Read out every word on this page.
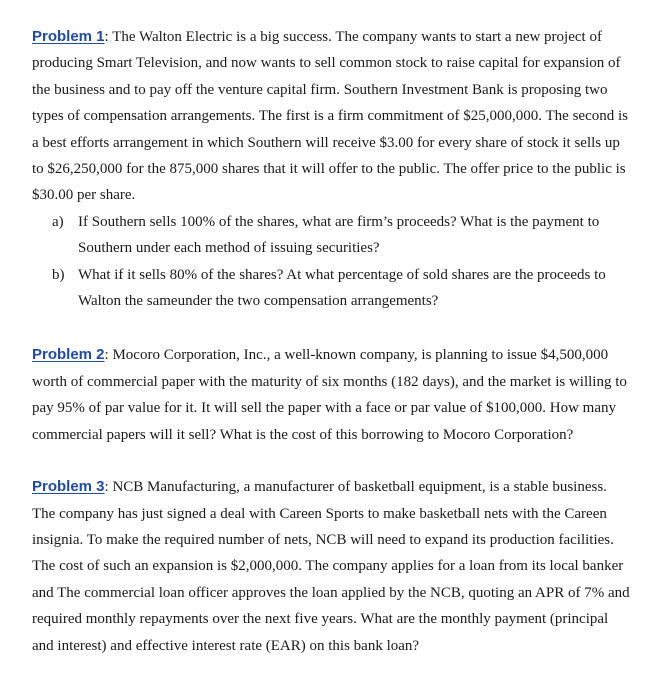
Problem 1: The Walton Electric is a big success. The company wants to start a new project of producing Smart Television, and now wants to sell common stock to raise capital for expansion of the business and to pay off the venture capital firm. Southern Investment Bank is proposing two types of compensation arrangements. The first is a firm commitment of $25,000,000. The second is a best efforts arrangement in which Southern will receive $3.00 for every share of stock it sells up to $26,250,000 for the 875,000 shares that it will offer to the public. The offer price to the public is $30.00 per share.

a) If Southern sells 100% of the shares, what are firm’s proceeds? What is the payment to Southern under each method of issuing securities?
b) What if it sells 80% of the shares? At what percentage of sold shares are the proceeds to Walton the sameunder the two compensation arrangements?

Problem 2: Mocoro Corporation, Inc., a well-known company, is planning to issue $4,500,000 worth of commercial paper with the maturity of six months (182 days), and the market is willing to pay 95% of par value for it. It will sell the paper with a face or par value of $100,000. How many commercial papers will it sell? What is the cost of this borrowing to Mocoro Corporation?

Problem 3: NCB Manufacturing, a manufacturer of basketball equipment, is a stable business. The company has just signed a deal with Careen Sports to make basketball nets with the Careen insignia. To make the required number of nets, NCB will need to expand its production facilities. The cost of such an expansion is $2,000,000. The company applies for a loan from its local banker and The commercial loan officer approves the loan applied by the NCB, quoting an APR of 7% and required monthly repayments over the next five years. What are the monthly payment (principal and interest) and effective interest rate (EAR) on this bank loan?
